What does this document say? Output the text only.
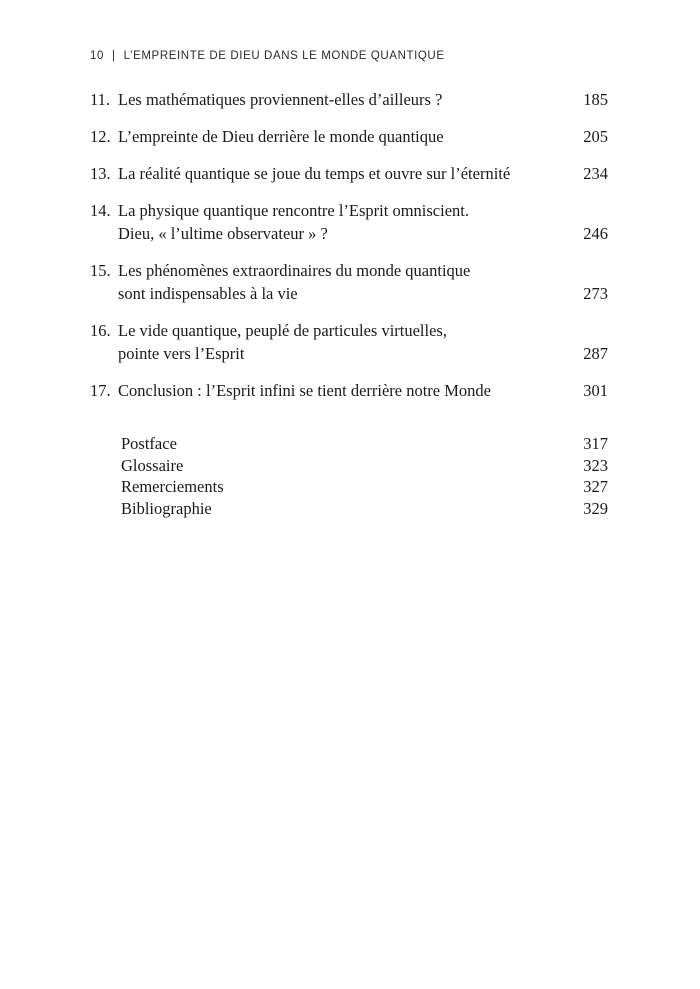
10 | L’EMPREINTE DE DIEU DANS LE MONDE QUANTIQUE
11. Les mathématiques proviennent-elles d’ailleurs ?	185
12. L’empreinte de Dieu derrière le monde quantique	205
13. La réalité quantique se joue du temps et ouvre sur l’éternité	234
14. La physique quantique rencontre l’Esprit omniscient.
Dieu, « l’ultime observateur » ?	246
15. Les phénomènes extraordinaires du monde quantique
sont indispensables à la vie	273
16. Le vide quantique, peuplé de particules virtuelles,
pointe vers l’Esprit	287
17. Conclusion : l’Esprit infini se tient derrière notre Monde	301
Postface	317
Glossaire	323
Remerciements	327
Bibliographie	329
